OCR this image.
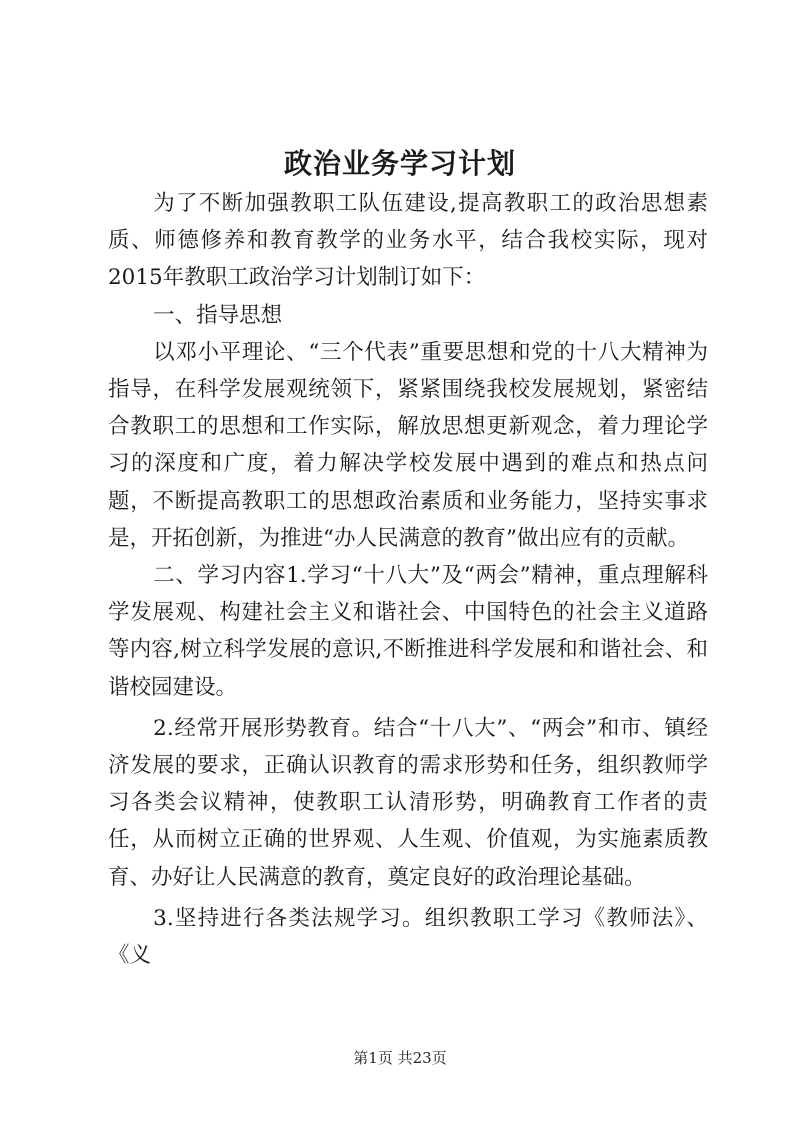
政治业务学习计划

为了不断加强教职工队伍建设,提高教职工的政治思想素质、师德修养和教育教学的业务水平，结合我校实际，现对2015年教职工政治学习计划制订如下：

一、指导思想

以邓小平理论、“三个代表”重要思想和党的十八大精神为指导，在科学发展观统领下，紧紧围绕我校发展规划，紧密结合教职工的思想和工作实际，解放思想更新观念，着力理论学习的深度和广度，着力解决学校发展中遇到的难点和热点问题，不断提高教职工的思想政治素质和业务能力，坚持实事求是，开拓创新，为推进“办人民满意的教育”做出应有的贡献。

二、学习内容1.学习“十八大”及“两会”精神，重点理解科学发展观、构建社会主义和谐社会、中国特色的社会主义道路等内容,树立科学发展的意识,不断推进科学发展和和谐社会、和谐校园建设。

2.经常开展形势教育。结合“十八大”、“两会”和市、镇经济发展的要求，正确认识教育的需求形势和任务，组织教师学习各类会议精神，使教职工认清形势，明确教育工作者的责任，从而树立正确的世界观、人生观、价值观，为实施素质教育、办好让人民满意的教育，奠定良好的政治理论基础。

3.坚持进行各类法规学习。组织教职工学习《教师法》、《义

第1页 共23页
